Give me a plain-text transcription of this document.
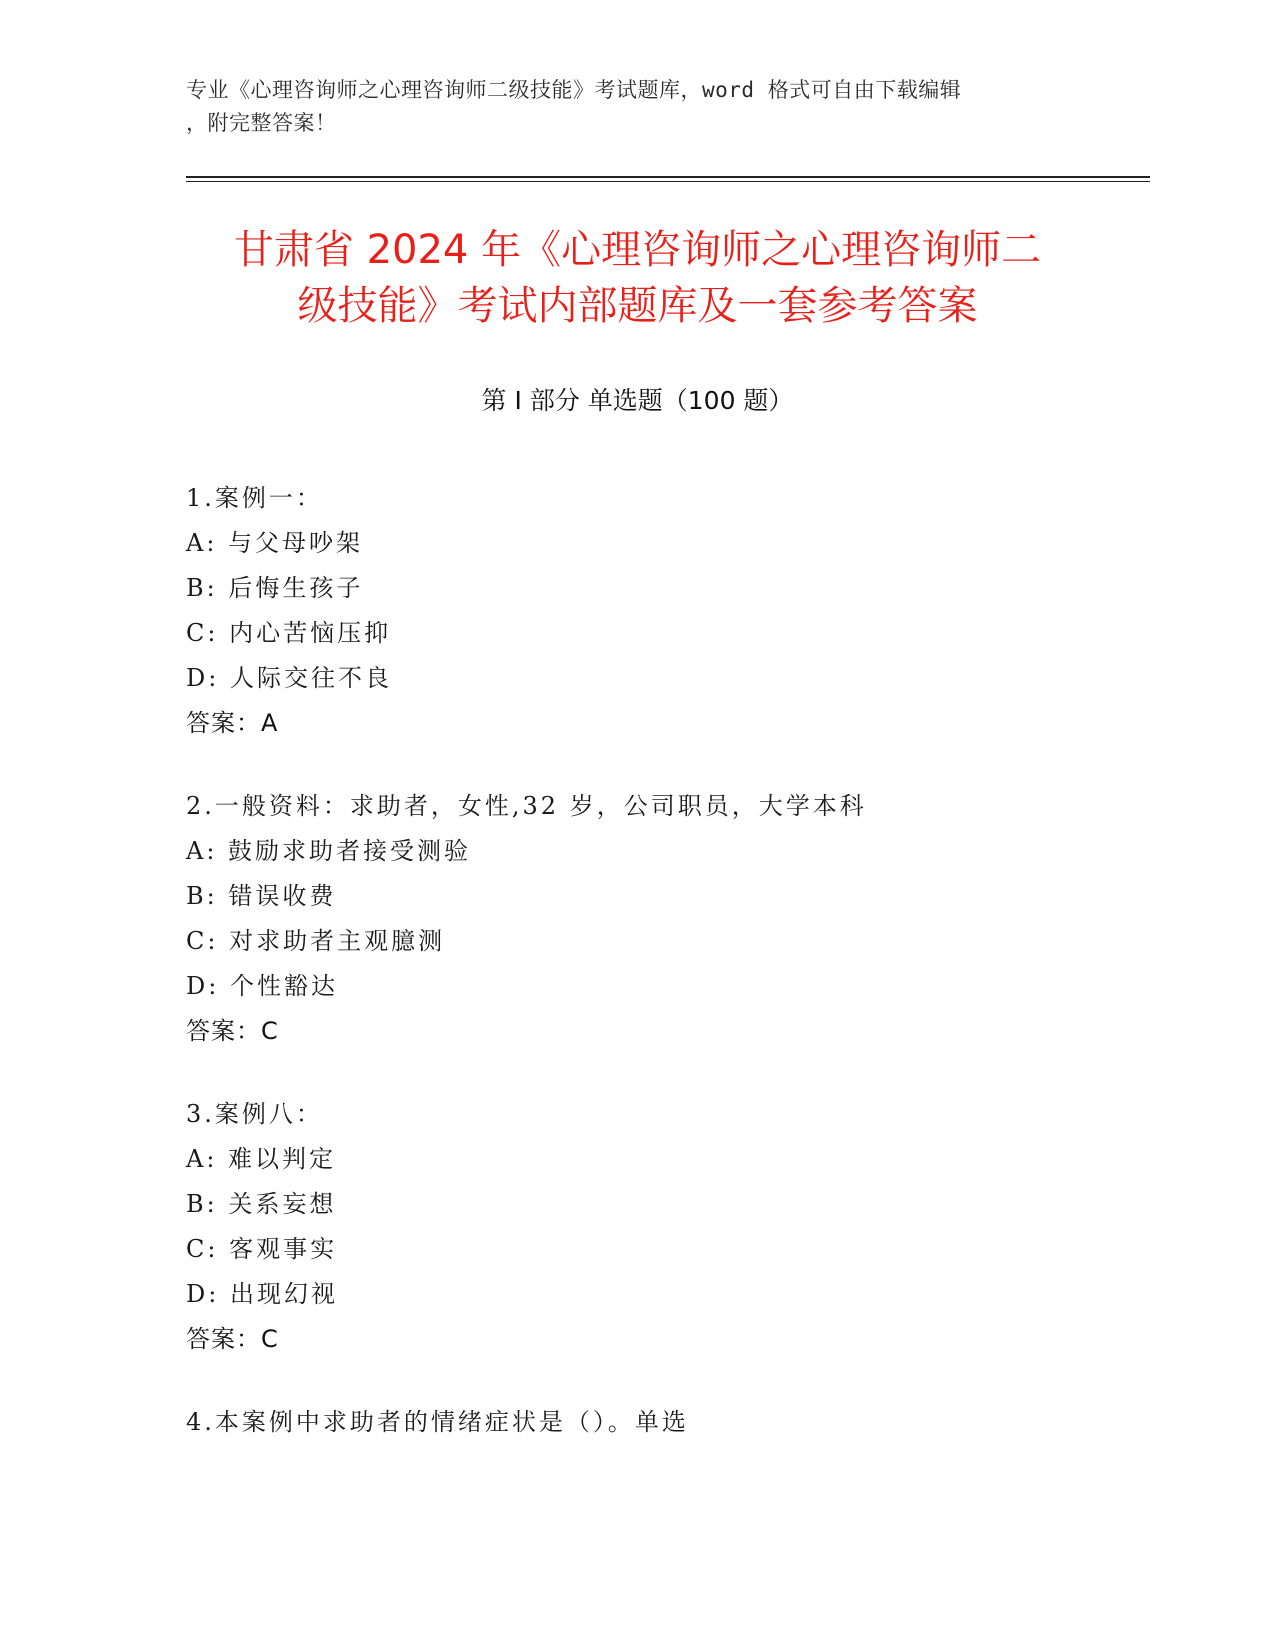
专业《心理咨询师之心理咨询师二级技能》考试题库，word 格式可自由下载编辑
，附完整答案！
甘肃省 2024 年《心理咨询师之心理咨询师二
级技能》考试内部题库及一套参考答案
第 I 部分 单选题（100 题）
1.案例一：
A: 与父母吵架
B: 后悔生孩子
C: 内心苦恼压抑
D: 人际交往不良
答案：A
2.一般资料：求助者，女性,32 岁，公司职员，大学本科
A: 鼓励求助者接受测验
B: 错误收费
C: 对求助者主观臆测
D: 个性豁达
答案：C
3.案例八：
A: 难以判定
B: 关系妄想
C: 客观事实
D: 出现幻视
答案：C
4.本案例中求助者的情绪症状是（）。单选
